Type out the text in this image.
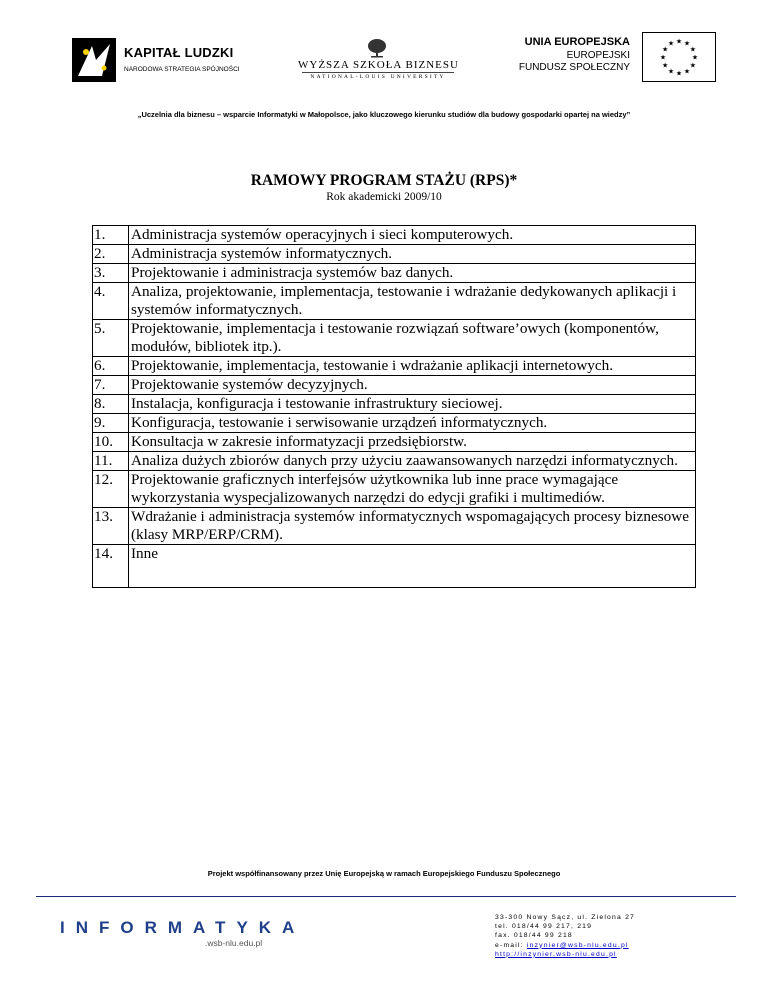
KAPITAŁ LUDZKI
NARODOWA STRATEGIA SPÓJNOŚCI	WYŻSZA SZKOŁA BIZNESU
NATIONAL-LOUIS UNIVERSITY
UNIA EUROPEJSKA
EUROPEJSKI
FUNDUSZ SPOŁECZNY
★ ★
★
★
★
★
★
★
★
★
★
★
„Uczelnia dla biznesu – wsparcie Informatyki w Małopolsce, jako kluczowego kierunku studiów dla budowy gospodarki opartej na wiedzy”
RAMOWY PROGRAM STAŻU (RPS)*
Rok akademicki 2009/10
1.	Administracja systemów operacyjnych i sieci komputerowych.
2.	Administracja systemów informatycznych.
3.	Projektowanie i administracja systemów baz danych.
4.	Analiza, projektowanie, implementacja, testowanie i wdrażanie dedykowanych aplikacji i systemów informatycznych.
5.	Projektowanie, implementacja i testowanie rozwiązań software’owych (komponentów, modułów, bibliotek itp.).
6.	Projektowanie, implementacja, testowanie i wdrażanie aplikacji internetowych.
7.	Projektowanie systemów decyzyjnych.
8.	Instalacja, konfiguracja i testowanie infrastruktury sieciowej.
9.	Konfiguracja, testowanie i serwisowanie urządzeń informatycznych.
10.	Konsultacja w zakresie informatyzacji przedsiębiorstw.
11.	Analiza dużych zbiorów danych przy użyciu zaawansowanych narzędzi informatycznych.
12.	Projektowanie graficznych interfejsów użytkownika lub inne prace wymagające wykorzystania wyspecjalizowanych narzędzi do edycji grafiki i multimediów.
13.	Wdrażanie i administracja systemów informatycznych wspomagających procesy biznesowe (klasy MRP/ERP/CRM).
14.	Inne
Projekt współfinansowany przez Unię Europejską w ramach Europejskiego Funduszu Społecznego
INFORMATYKA
.wsb-nlu.edu.pl
33-300 Nowy Sącz, ul. Zielona 27
tel. 018/44 99 217, 219
fax. 018/44 99 218
e-mail: inzynier@wsb-nlu.edu.pl
http://inzynier.wsb-nlu.edu.pl
